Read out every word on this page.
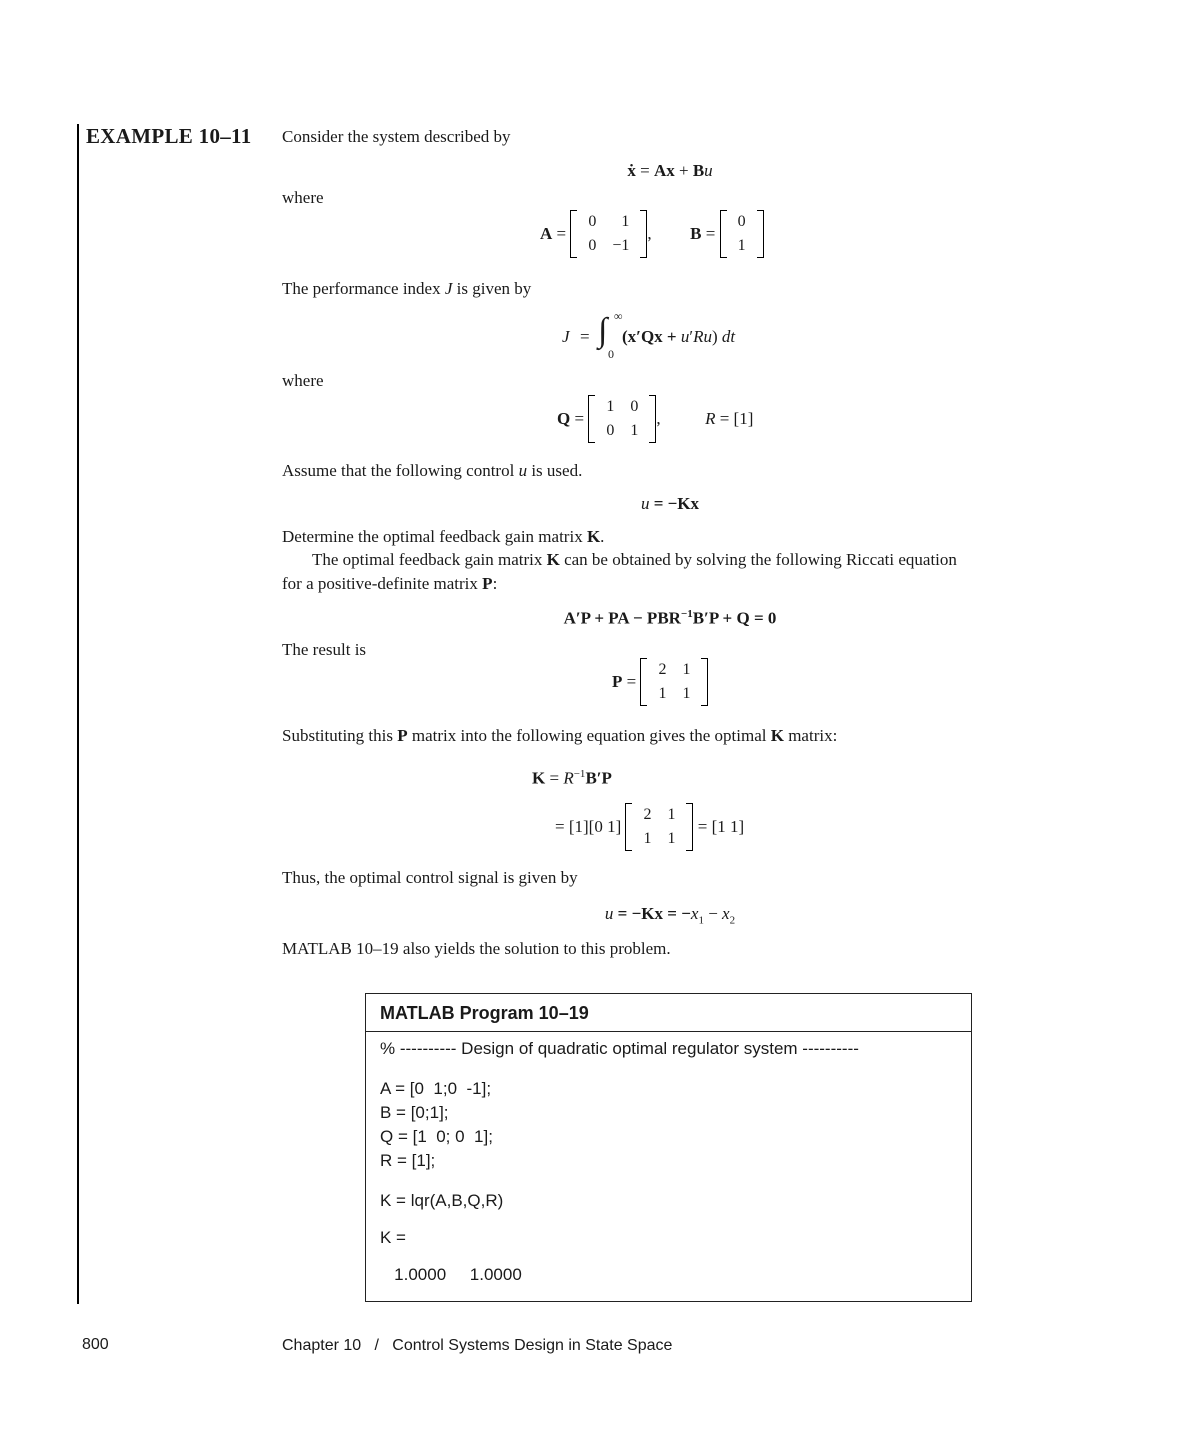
EXAMPLE 10–11 Consider the system described by
ẋ = Ax + Bu
where
A =
0	1
0	−1
, B =
0
1
The performance index J is given by
J = ∫ ∞
0
(x′Qx + u′Ru) dt
where
Q =
1	0
0	1
,	R = [1]
Assume that the following control u is used.
u = −Kx
Determine the optimal feedback gain matrix K.
The optimal feedback gain matrix K can be obtained by solving the following Riccati equation
for a positive-definite matrix P:
A′P + PA − $PBR^{-1}B'P + Q = 0$
The result is
P =
2	1
1	1
Substituting this P matrix into the following equation gives the optimal K matrix:
$K = R^{-1}B'P$
= [1][0 1]
2	1
1	1
= [1 1]
Thus, the optimal control signal is given by
$u = -Kx = -x_1 - x_2$
MATLAB 10–19 also yields the solution to this problem.
MATLAB Program 10–19
% ---------- Design of quadratic optimal regulator system ----------
A = [0  1;0  -1];
B = [0;1];
Q = [1  0; 0  1];
R = [1];
K = lqr(A,B,Q,R)
K =
1.0000     1.0000
800	Chapter 10   /   Control Systems Design in State Space
